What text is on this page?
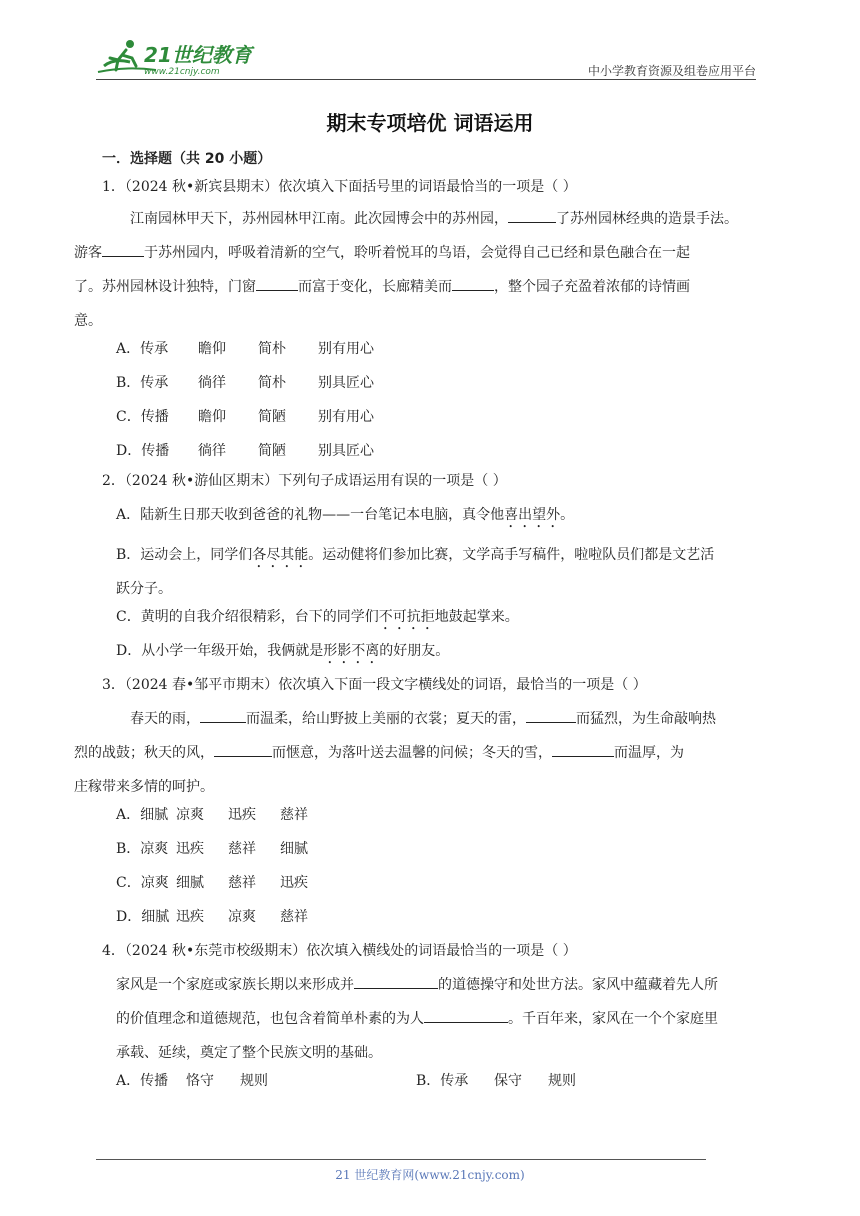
21世纪教育
www.21cnjy.com	中小学教育资源及组卷应用平台
期末专项培优 词语运用
一．选择题（共 20 小题）
1．（2024 秋•新宾县期末）依次填入下面括号里的词语最恰当的一项是（ ）

江南园林甲天下，苏州园林甲江南。此次园博会中的苏州园，	了苏州园林经典的造景手法。
游客	于苏州园内，呼吸着清新的空气，聆听着悦耳的鸟语，会觉得自己已经和景色融合在一起
了。苏州园林设计独特，门窗	而富于变化，长廊精美而	，整个园子充盈着浓郁的诗情画
意。

A．传承 瞻仰 简朴 别有用心
B．传承 徜徉 简朴 别具匠心
C．传播 瞻仰 简陋 别有用心
D．传播 徜徉 简陋 别具匠心
2．（2024 秋•游仙区期末）下列句子成语运用有误的一项是（ ）
A．陆新生日那天收到爸爸的礼物——一台笔记本电脑，真令他喜出望外。

B．运动会上，同学们各尽其能。运动健将们参加比赛，文学高手写稿件，啦啦队员们都是文艺活
跃分子。

C．黄明的自我介绍很精彩，台下的同学们不可抗拒地鼓起掌来。
D．从小学一年级开始，我俩就是形影不离的好朋友。
3．（2024 春•邹平市期末）依次填入下面一段文字横线处的词语，最恰当的一项是（ ）

春天的雨，	而温柔，给山野披上美丽的衣裳；夏天的雷，	而猛烈，为生命敲响热
烈的战鼓；秋天的风，	而惬意，为落叶送去温馨的问候；冬天的雪，	而温厚，为
庄稼带来多情的呵护。

A．细腻 凉爽 迅疾 慈祥
B．凉爽 迅疾 慈祥 细腻
C．凉爽 细腻 慈祥 迅疾
D．细腻 迅疾 凉爽 慈祥
4．（2024 秋•东莞市校级期末）依次填入横线处的词语最恰当的一项是（ ）

家风是一个家庭或家族长期以来形成并	的道德操守和处世方法。家风中蕴藏着先人所
的价值理念和道德规范，也包含着简单朴素的为人	。千百年来，家风在一个个家庭里
承载、延续，奠定了整个民族文明的基础。

A．传播 恪守 规则	B．传承 保守 规则
21 世纪教育网(www.21cnjy.com)
